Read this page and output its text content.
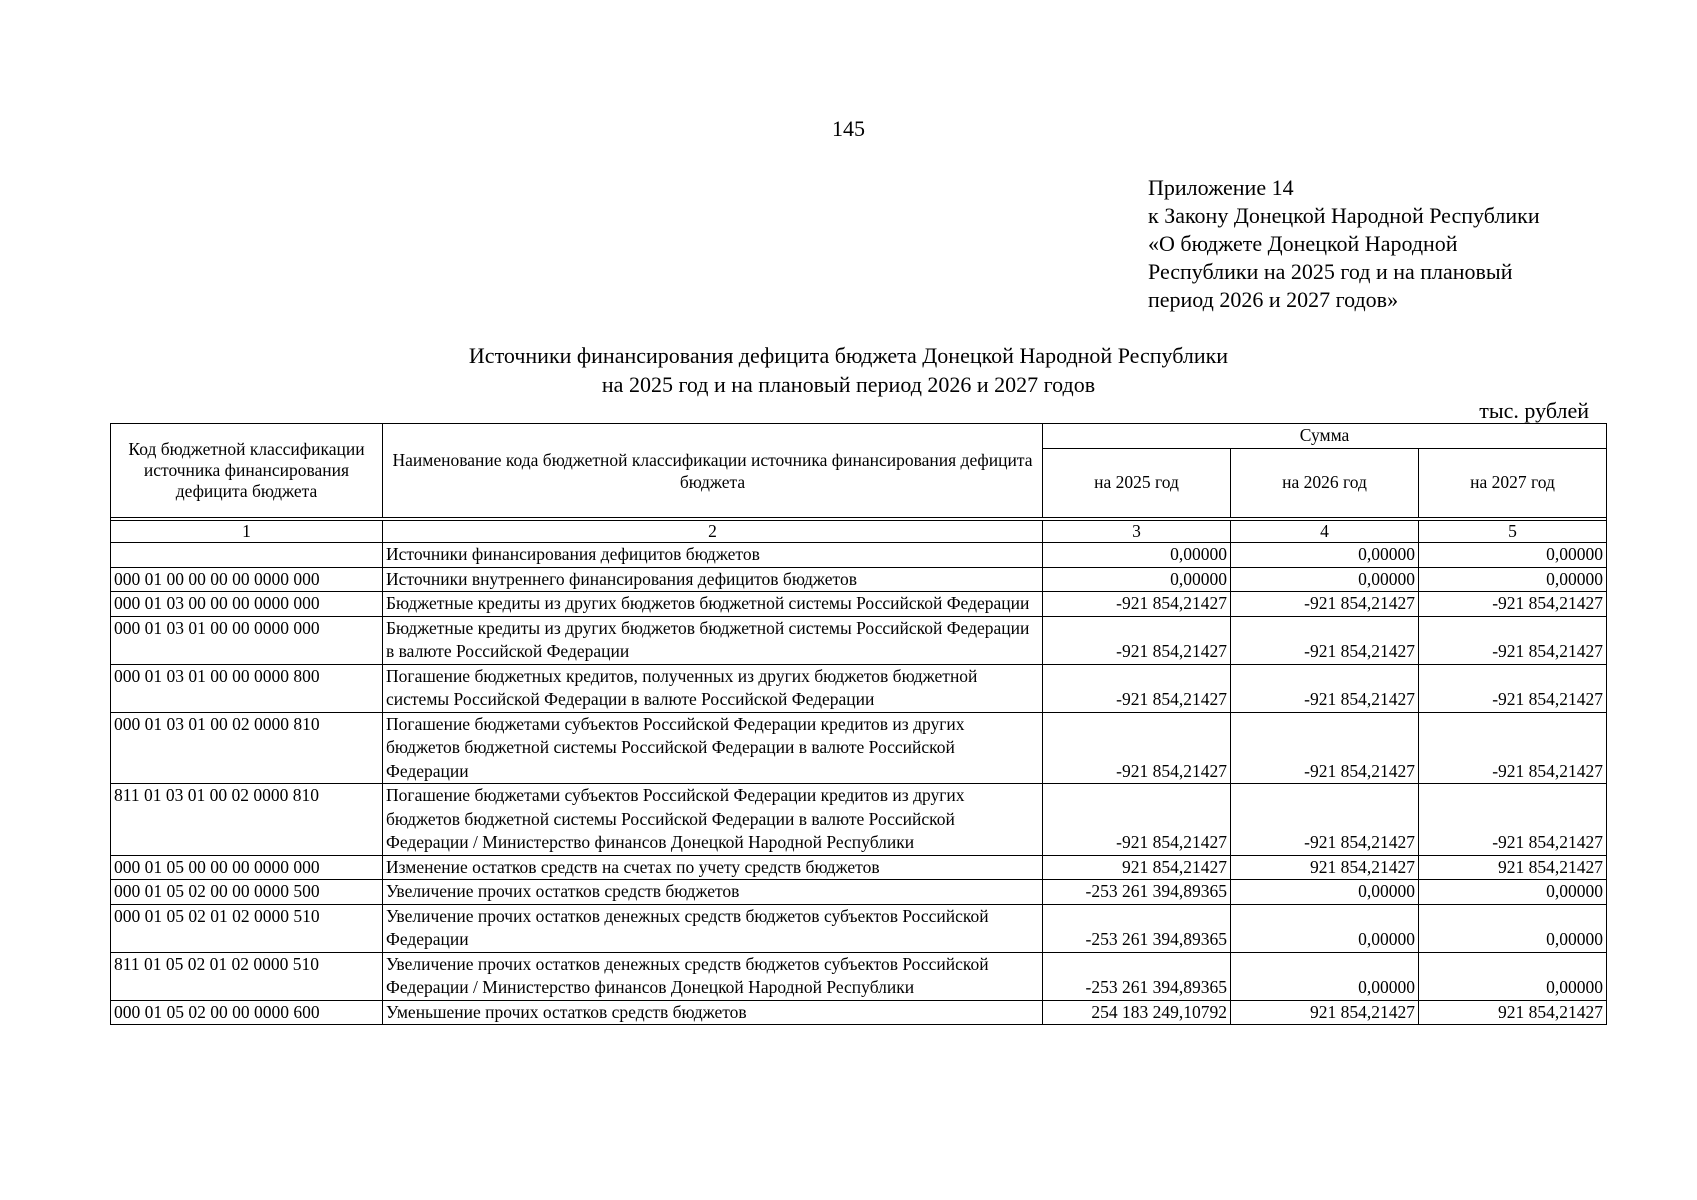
145
Приложение 14
к Закону Донецкой Народной Республики
«О бюджете Донецкой Народной
Республики на 2025 год и на плановый
период 2026 и 2027 годов»
Источники финансирования дефицита бюджета Донецкой Народной Республики
на 2025 год и на плановый период 2026 и 2027 годов
тыс. рублей
Код бюджетной классификации источника финансирования дефицита бюджета	Наименование кода бюджетной классификации источника финансирования дефицита бюджета	Сумма		
		на 2025 год	на 2026 год	на 2027 год

1	2	3	4	5
	Источники финансирования дефицитов бюджетов	0,00000	0,00000	0,00000
000 01 00 00 00 00 0000 000	Источники внутреннего финансирования дефицитов бюджетов	0,00000	0,00000	0,00000
000 01 03 00 00 00 0000 000	Бюджетные кредиты из других бюджетов бюджетной системы Российской Федерации	-921 854,21427	-921 854,21427	-921 854,21427
000 01 03 01 00 00 0000 000	Бюджетные кредиты из других бюджетов бюджетной системы Российской Федерации в валюте Российской Федерации	-921 854,21427	-921 854,21427	-921 854,21427
000 01 03 01 00 00 0000 800	Погашение бюджетных кредитов, полученных из других бюджетов бюджетной системы Российской Федерации в валюте Российской Федерации	-921 854,21427	-921 854,21427	-921 854,21427
000 01 03 01 00 02 0000 810	Погашение бюджетами субъектов Российской Федерации кредитов из других бюджетов бюджетной системы Российской Федерации в валюте Российской Федерации	-921 854,21427	-921 854,21427	-921 854,21427
811 01 03 01 00 02 0000 810	Погашение бюджетами субъектов Российской Федерации кредитов из других бюджетов бюджетной системы Российской Федерации в валюте Российской Федерации / Министерство финансов Донецкой Народной Республики	-921 854,21427	-921 854,21427	-921 854,21427
000 01 05 00 00 00 0000 000	Изменение остатков средств на счетах по учету средств бюджетов	921 854,21427	921 854,21427	921 854,21427
000 01 05 02 00 00 0000 500	Увеличение прочих остатков средств бюджетов	-253 261 394,89365	0,00000	0,00000
000 01 05 02 01 02 0000 510	Увеличение прочих остатков денежных средств бюджетов субъектов Российской Федерации	-253 261 394,89365	0,00000	0,00000
811 01 05 02 01 02 0000 510	Увеличение прочих остатков денежных средств бюджетов субъектов Российской Федерации / Министерство финансов Донецкой Народной Республики	-253 261 394,89365	0,00000	0,00000
000 01 05 02 00 00 0000 600	Уменьшение прочих остатков средств бюджетов	254 183 249,10792	921 854,21427	921 854,21427
